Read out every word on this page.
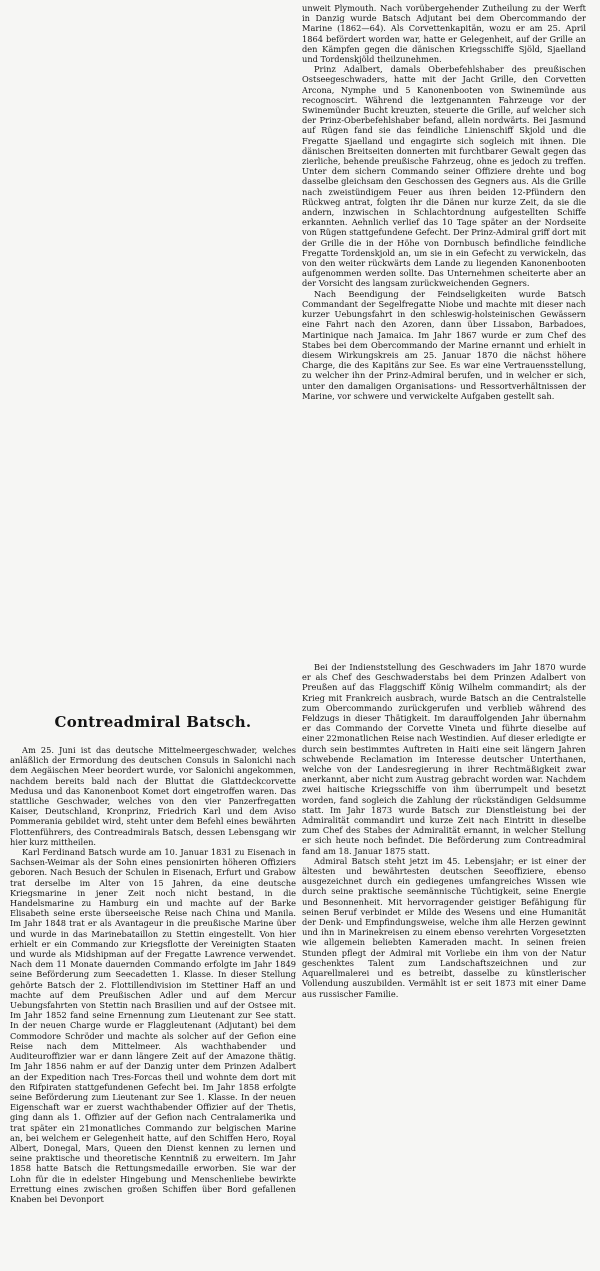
unweit Plymouth. Nach vorübergehender Zutheilung zu der Werft in Danzig wurde Batsch Adjutant bei dem Obercommando der Marine (1862—64). Als Corvettenkapitän, wozu er am 25. April 1864 befördert worden war, hatte er Gelegenheit, auf der Grille an den Kämpfen gegen die dänischen Kriegsschiffe Sjöld, Sjaelland und Tordenskjöld theilzunehmen.

Prinz Adalbert, damals Oberbefehlshaber des preußischen Ostseegeschwaders, hatte mit der Jacht Grille, den Corvetten Arcona, Nymphe und 5 Kanonenbooten von Swinemünde aus recognoscirt. Während die leztgenannten Fahrzeuge vor der Swinemünder Bucht kreuzten, steuerte die Grille, auf welcher sich der Prinz-Oberbefehlshaber befand, allein nordwärts. Bei Jasmund auf Rügen fand sie das feindliche Linienschiff Skjold und die Fregatte Sjaelland und engagirte sich sogleich mit ihnen. Die dänischen Breitseiten donnerten mit furchtbarer Gewalt gegen das zierliche, behende preußische Fahrzeug, ohne es jedoch zu treffen. Unter dem sichern Commando seiner Offiziere drehte und bog dasselbe gleichsam den Geschossen des Gegners aus. Als die Grille nach zweistündigem Feuer aus ihren beiden 12-Pfündern den Rückweg antrat, folgten ihr die Dänen nur kurze Zeit, da sie die andern, inzwischen in Schlachtordnung aufgestellten Schiffe erkannten. Aehnlich verlief das 10 Tage später an der Nordseite von Rügen stattgefundene Gefecht. Der Prinz-Admiral griff dort mit der Grille die in der Höhe von Dornbusch befindliche feindliche Fregatte Tordenskjold an, um sie in ein Gefecht zu verwickeln, das von den weiter rückwärts dem Lande zu liegenden Kanonenbooten aufgenommen werden sollte. Das Unternehmen scheiterte aber an der Vorsicht des langsam zurückweichenden Gegners.

Nach Beendigung der Feindseligkeiten wurde Batsch Commandant der Segelfregatte Niobe und machte mit dieser nach kurzer Uebungsfahrt in den schleswig-holsteinischen Gewässern eine Fahrt nach den Azoren, dann über Lissabon, Barbadoes, Martinique nach Jamaica. Im Jahr 1867 wurde er zum Chef des Stabes bei dem Obercommando der Marine ernannt und erhielt in diesem Wirkungskreis am 25. Januar 1870 die nächst höhere Charge, die des Kapitäns zur See. Es war eine Vertrauensstellung, zu welcher ihn der Prinz-Admiral berufen, und in welcher er sich, unter den damaligen Organisations- und Ressortverhältnissen der Marine, vor schwere und verwickelte Aufgaben gestellt sah.

Bei der Indienststellung des Geschwaders im Jahr 1870 wurde er als Chef des Geschwaderstabs bei dem Prinzen Adalbert von Preußen auf das Flaggschiff König Wilhelm commandirt; als der Krieg mit Frankreich ausbrach, wurde Batsch an die Centralstelle zum Obercommando zurückgerufen und verblieb während des Feldzugs in dieser Thätigkeit. Im darauffolgenden Jahr übernahm er das Commando der Corvette Vineta und führte dieselbe auf einer 22monatlichen Reise nach Westindien. Auf dieser erledigte er durch sein bestimmtes Auftreten in Haiti eine seit längern Jahren schwebende Reclamation im Interesse deutscher Unterthanen, welche von der Landesregierung in ihrer Rechtmäßigkeit zwar anerkannt, aber nicht zum Austrag gebracht worden war. Nachdem zwei haitische Kriegsschiffe von ihm überrumpelt und besetzt worden, fand sogleich die Zahlung der rückständigen Geldsumme statt. Im Jahr 1873 wurde Batsch zur Dienstleistung bei der Admiralität commandirt und kurze Zeit nach Eintritt in dieselbe zum Chef des Stabes der Admiralität ernannt, in welcher Stellung er sich heute noch befindet. Die Beförderung zum Contreadmiral fand am 18. Januar 1875 statt.

Admiral Batsch steht jetzt im 45. Lebensjahr; er ist einer der ältesten und bewährtesten deutschen Seeoffiziere, ebenso ausgezeichnet durch ein gediegenes umfangreiches Wissen wie durch seine praktische seemännische Tüchtigkeit, seine Energie und Besonnenheit. Mit hervorragender geistiger Befähigung für seinen Beruf verbindet er Milde des Wesens und eine Humanität der Denk- und Empfindungsweise, welche ihm alle Herzen gewinnt und ihn in Marinekreisen zu einem ebenso verehrten Vorgesetzten wie allgemein beliebten Kameraden macht. In seinen freien Stunden pflegt der Admiral mit Vorliebe ein ihm von der Natur geschenktes Talent zum Landschaftszeichnen und zur Aquarellmalerei und es betreibt, dasselbe zu künstlerischer Vollendung auszubilden. Vermählt ist er seit 1873 mit einer Dame aus russischer Familie.

Contreadmiral Batsch.

Am 25. Juni ist das deutsche Mittelmeergeschwader, welches anläßlich der Ermordung des deutschen Consuls in Salonichi nach dem Aegäischen Meer beordert wurde, vor Salonichi angekommen, nachdem bereits bald nach der Bluttat die Glattdeckcorvette Medusa und das Kanonenboot Komet dort eingetroffen waren. Das stattliche Geschwader, welches von den vier Panzerfregatten Kaiser, Deutschland, Kronprinz, Friedrich Karl und dem Aviso Pommerania gebildet wird, steht unter dem Befehl eines bewährten Flottenführers, des Contreadmirals Batsch, dessen Lebensgang wir hier kurz mittheilen.

Karl Ferdinand Batsch wurde am 10. Januar 1831 zu Eisenach in Sachsen-Weimar als der Sohn eines pensionirten höheren Offiziers geboren. Nach Besuch der Schulen in Eisenach, Erfurt und Grabow trat derselbe im Alter von 15 Jahren, da eine deutsche Kriegsmarine in jener Zeit noch nicht bestand, in die Handelsmarine zu Hamburg ein und machte auf der Barke Elisabeth seine erste überseeische Reise nach China und Manila. Im Jahr 1848 trat er als Avantageur in die preußische Marine über und wurde in das Marinebataillon zu Stettin eingestellt. Von hier erhielt er ein Commando zur Kriegsflotte der Vereinigten Staaten und wurde als Midshipman auf der Fregatte Lawrence verwendet. Nach dem 11 Monate dauernden Commando erfolgte im Jahr 1849 seine Beförderung zum Seecadetten 1. Klasse. In dieser Stellung gehörte Batsch der 2. Flottillendivision im Stettiner Haff an und machte auf dem Preußischen Adler und auf dem Mercur Uebungsfahrten von Stettin nach Brasilien und auf der Ostsee mit. Im Jahr 1852 fand seine Ernennung zum Lieutenant zur See statt. In der neuen Charge wurde er Flaggleutenant (Adjutant) bei dem Commodore Schröder und machte als solcher auf der Gefion eine Reise nach dem Mittelmeer. Als wachthabender und Auditeuroffizier war er dann längere Zeit auf der Amazone thätig. Im Jahr 1856 nahm er auf der Danzig unter dem Prinzen Adalbert an der Expedition nach Tres-Forcas theil und wohnte dem dort mit den Rifpiraten stattgefundenen Gefecht bei. Im Jahr 1858 erfolgte seine Beförderung zum Lieutenant zur See 1. Klasse. In der neuen Eigenschaft war er zuerst wachthabender Offizier auf der Thetis, ging dann als 1. Offizier auf der Gefion nach Centralamerika und trat später ein 21monatliches Commando zur belgischen Marine an, bei welchem er Gelegenheit hatte, auf den Schiffen Hero, Royal Albert, Donegal, Mars, Queen den Dienst kennen zu lernen und seine praktische und theoretische Kenntniß zu erweitern. Im Jahr 1858 hatte Batsch die Rettungsmedaille erworben. Sie war der Lohn für die in edelster Hingebung und Menschenliebe bewirkte Errettung eines zwischen großen Schiffen über Bord gefallenen Knaben bei Devonport
